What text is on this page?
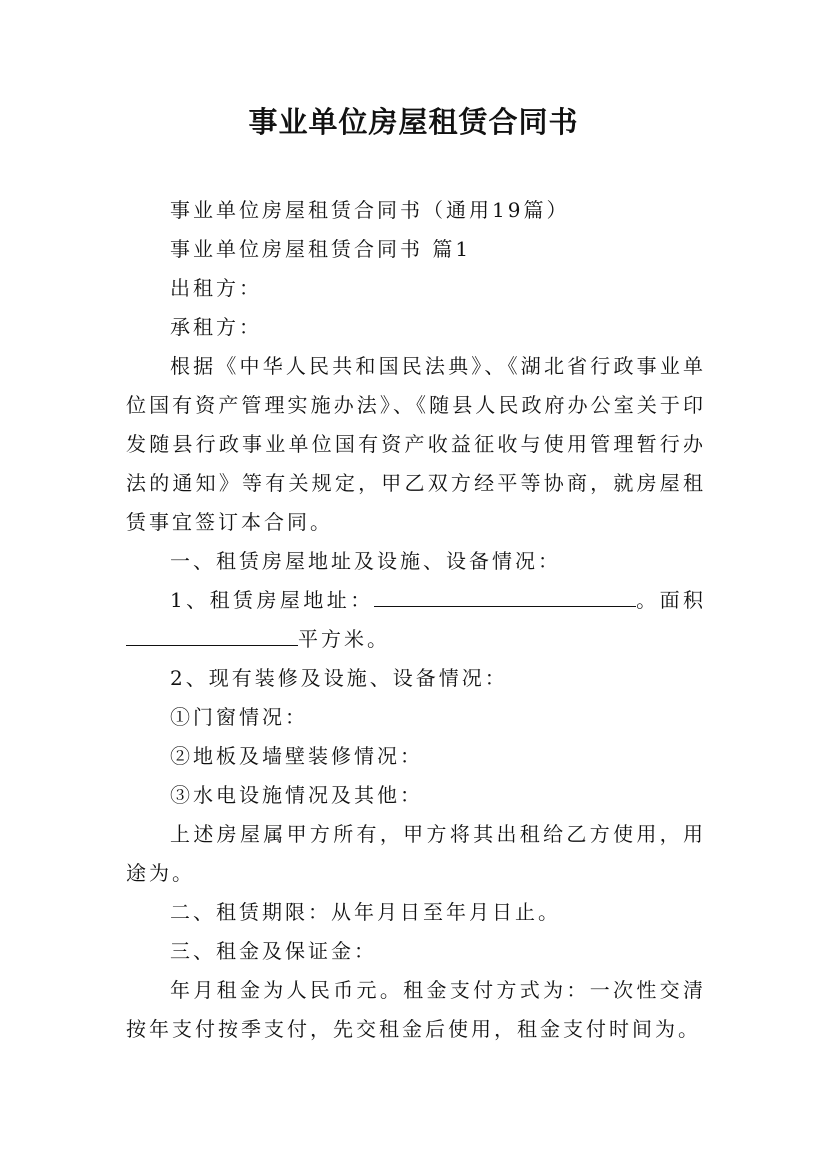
事业单位房屋租赁合同书

事业单位房屋租赁合同书（通用19篇）

事业单位房屋租赁合同书 篇1

出租方：

承租方：

根据《中华人民共和国民法典》、《湖北省行政事业单位国有资产管理实施办法》、《随县人民政府办公室关于印发随县行政事业单位国有资产收益征收与使用管理暂行办法的通知》等有关规定，甲乙双方经平等协商，就房屋租赁事宜签订本合同。

一、租赁房屋地址及设施、设备情况：

1、租赁房屋地址：	。面积平方米。

2、现有装修及设施、设备情况：

①门窗情况：

②地板及墙壁装修情况：

③水电设施情况及其他：

上述房屋属甲方所有，甲方将其出租给乙方使用，用途为。

二、租赁期限：从年月日至年月日止。

三、租金及保证金：

年月租金为人民币元。租金支付方式为：一次性交清按年支付按季支付，先交租金后使用，租金支付时间为。
